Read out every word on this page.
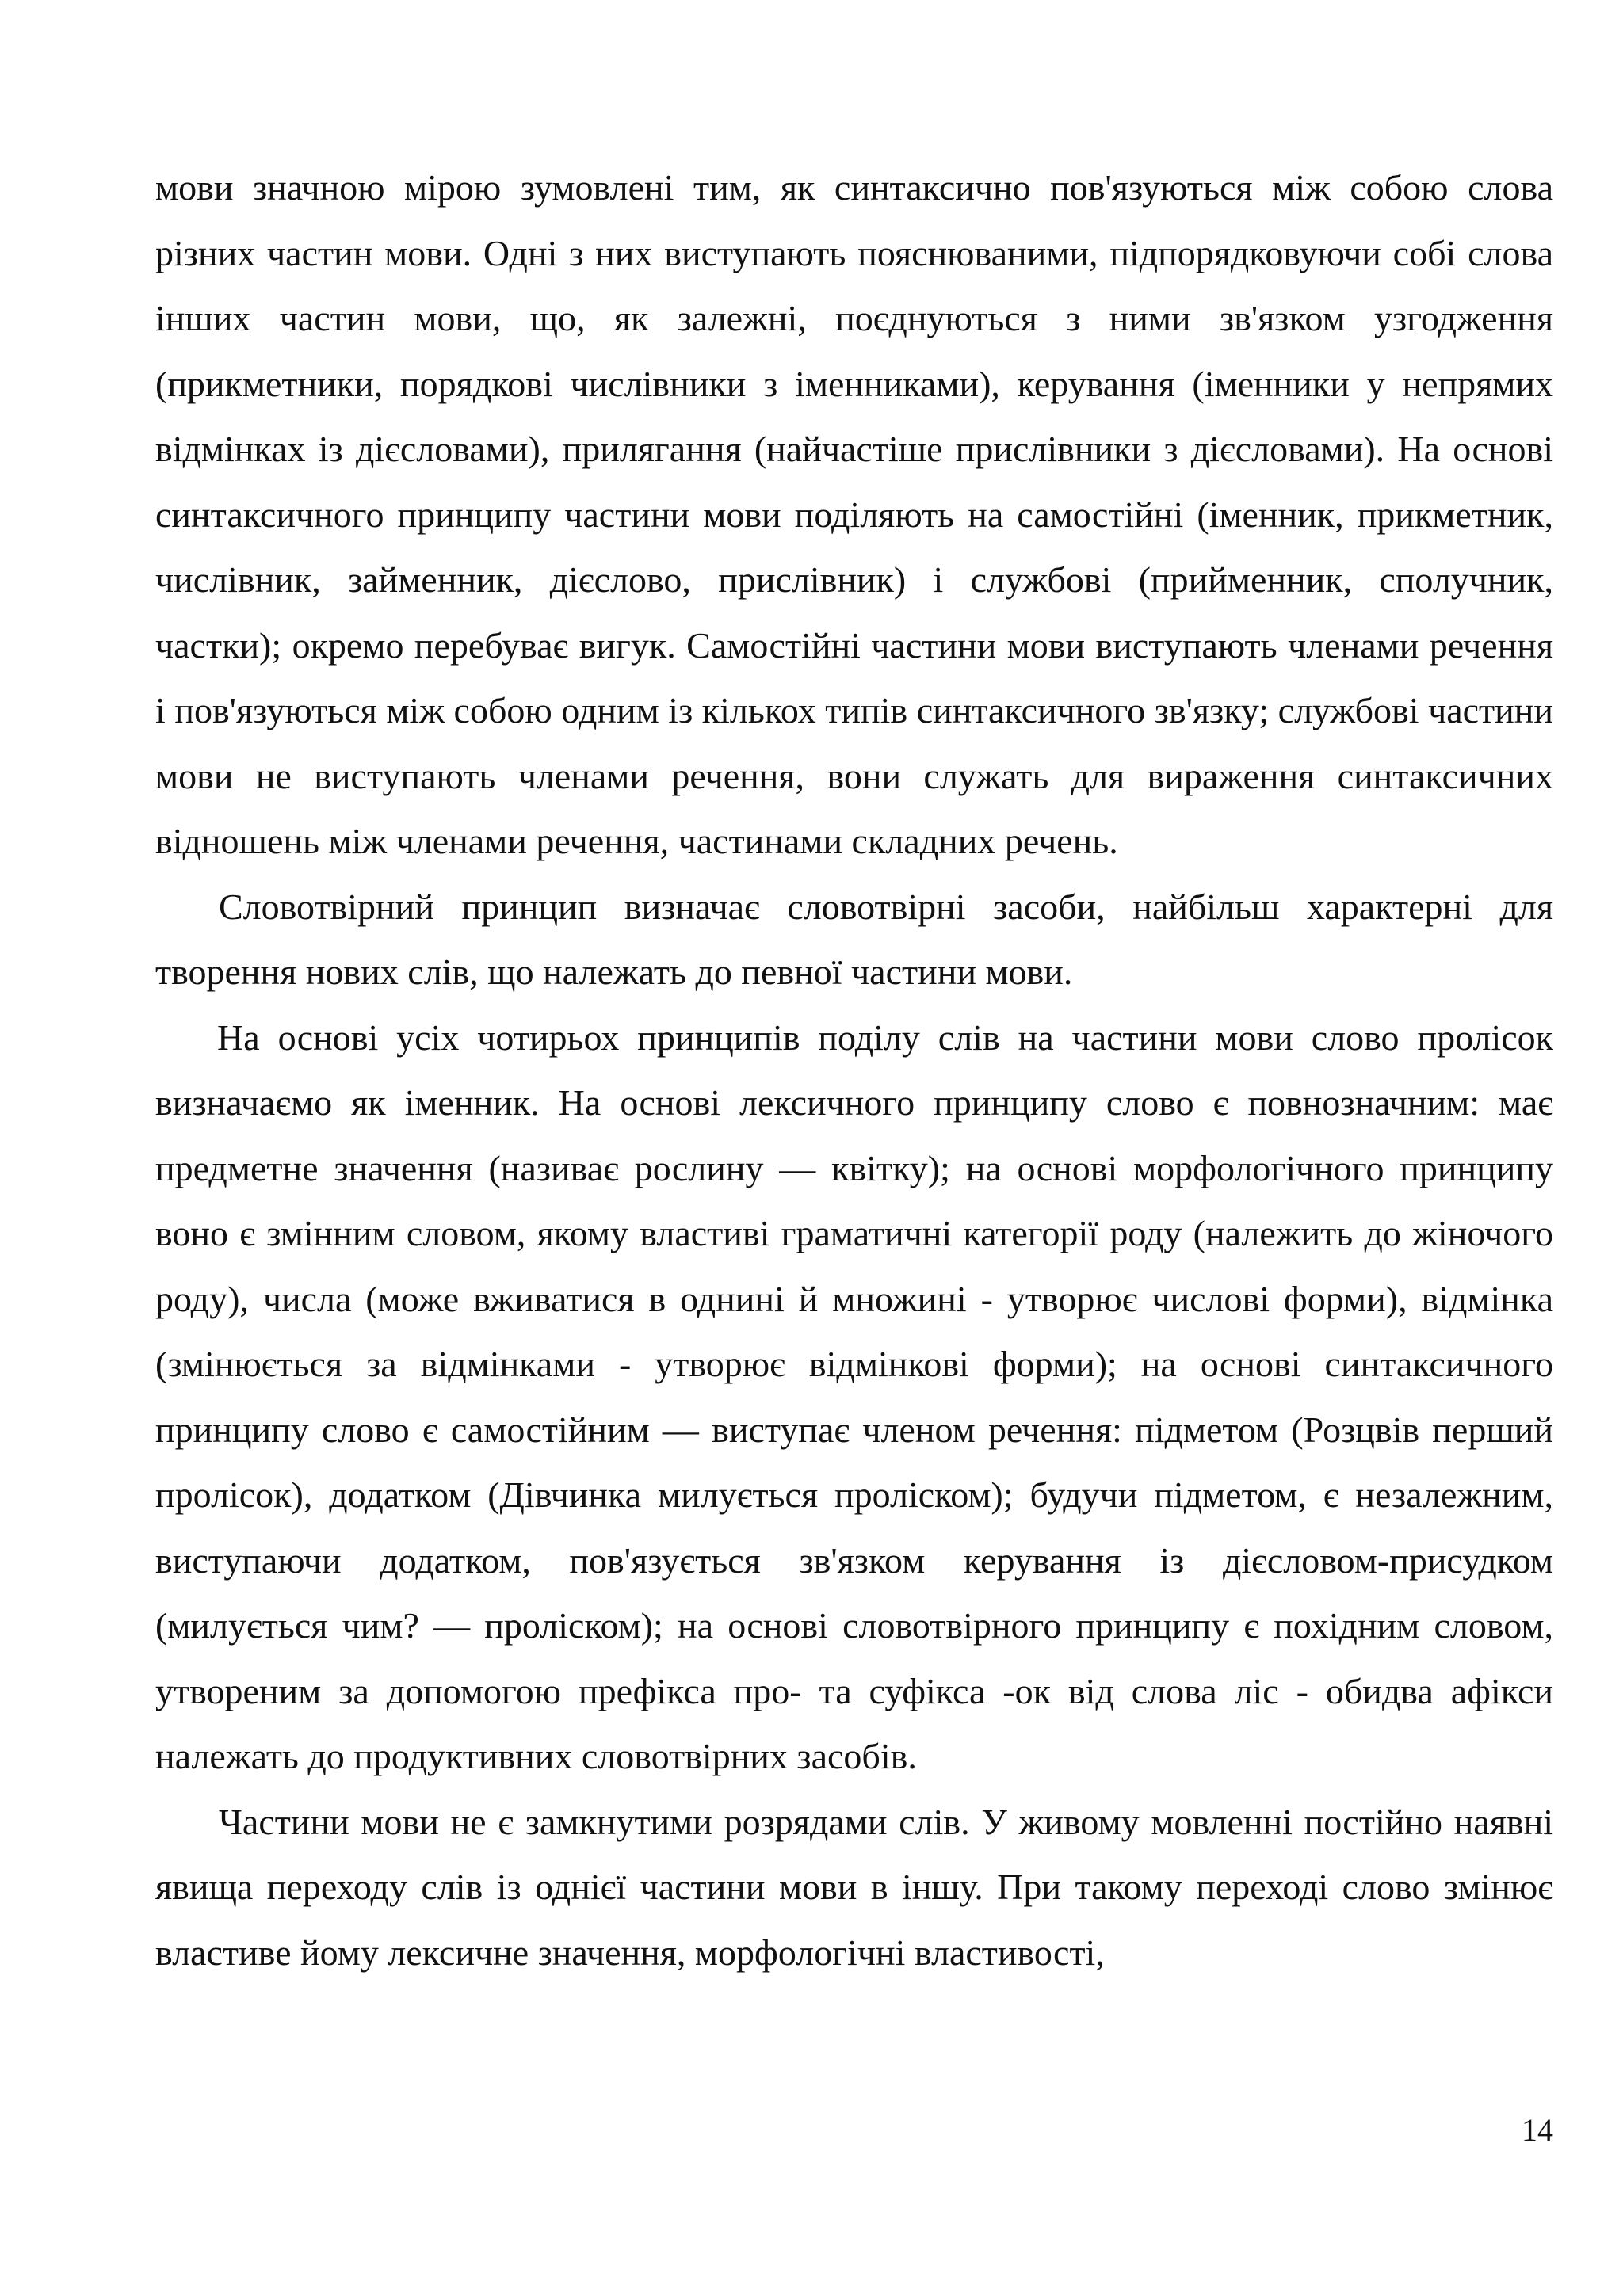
мови значною мірою зумовлені тим, як синтаксично пов'язуються між собою слова різних частин мови. Одні з них виступають пояснюваними, підпорядковуючи собі слова інших частин мови, що, як залежні, поєднуються з ними зв'язком узгодження (прикметники, порядкові числівники з іменниками), керування (іменники у непрямих відмінках із дієсловами), прилягання (найчастіше прислівники з дієсловами). На основі синтаксичного принципу частини мови поділяють на самостійні (іменник, прикметник, числівник, займенник, дієслово, прислівник) і службові (прийменник, сполучник, частки); окремо перебуває вигук. Самостійні частини мови виступають членами речення і пов'язуються між собою одним із кількох типів синтаксичного зв'язку; службові частини мови не виступають членами речення, вони служать для вираження синтаксичних відношень між членами речення, частинами складних речень.

Словотвірний принцип визначає словотвірні засоби, найбільш характерні для творення нових слів, що належать до певної частини мови.

На основі усіх чотирьох принципів поділу слів на частини мови слово пролісок визначаємо як іменник. На основі лексичного принципу слово є повнозначним: має предметне значення (називає рослину — квітку); на основі морфологічного принципу воно є змінним словом, якому властиві граматичні категорії роду (належить до жіночого роду), числа (може вживатися в однині й множині - утворює числові форми), відмінка (змінюється за відмінками - утворює відмінкові форми); на основі синтаксичного принципу слово є самостійним — виступає членом речення: підметом (Розцвів перший пролісок), додатком (Дівчинка милується проліском); будучи підметом, є незалежним, виступаючи додатком, пов'язується зв'язком керування із дієсловом-присудком (милується чим? — проліском); на основі словотвірного принципу є похідним словом, утвореним за допомогою префікса про- та суфікса -ок від слова ліс - обидва афікси належать до продуктивних словотвірних засобів.

Частини мови не є замкнутими розрядами слів. У живому мовленні постійно наявні явища переходу слів із однієї частини мови в іншу. При такому переході слово змінює властиве йому лексичне значення, морфологічні властивості,

14
